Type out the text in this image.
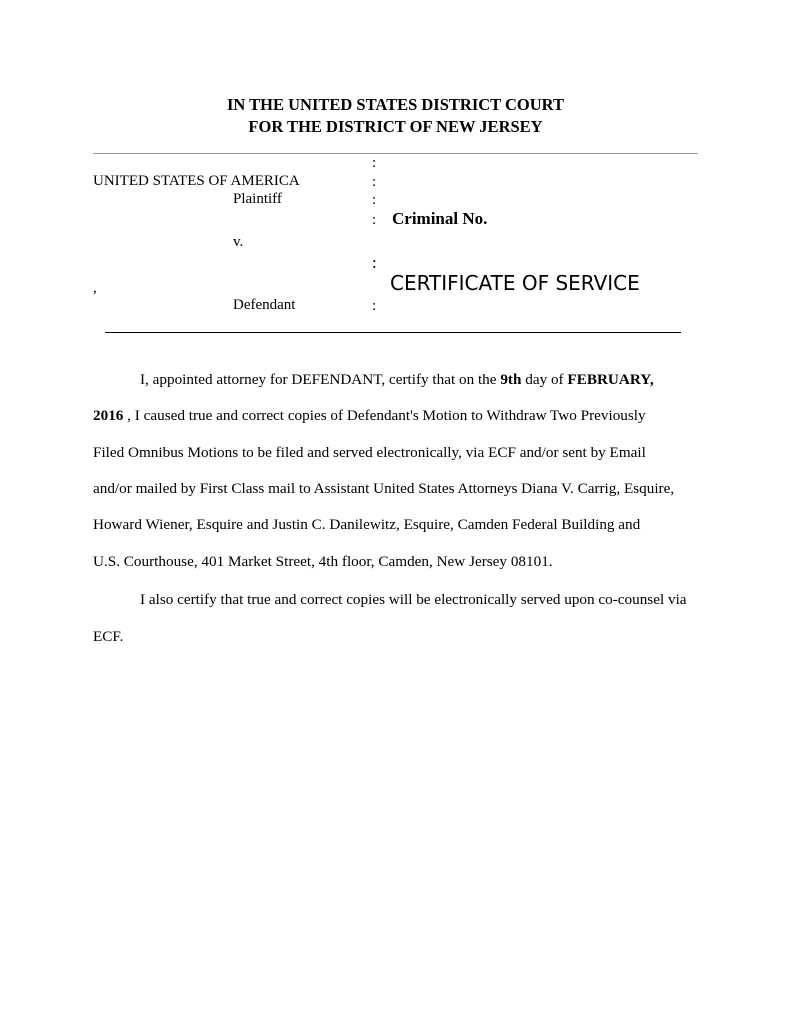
IN THE UNITED STATES DISTRICT COURT
FOR THE DISTRICT OF NEW JERSEY
UNITED STATES OF AMERICA
Plaintiff
v.
,
Defendant
:
:
:
:
:
:
Criminal No.
CERTIFICATE OF SERVICE
I, appointed attorney for DEFENDANT, certify that on the 9th day of FEBRUARY,
2016 , I caused true and correct copies of Defendant's Motion to Withdraw Two Previously
Filed Omnibus Motions to be filed and served electronically, via ECF and/or sent by Email
and/or mailed by First Class mail to Assistant United States Attorneys Diana V. Carrig, Esquire,
Howard Wiener, Esquire and Justin C. Danilewitz, Esquire, Camden Federal Building and
U.S. Courthouse, 401 Market Street, 4th floor, Camden, New Jersey 08101.
I also certify that true and correct copies will be electronically served upon co-counsel via
ECF.
